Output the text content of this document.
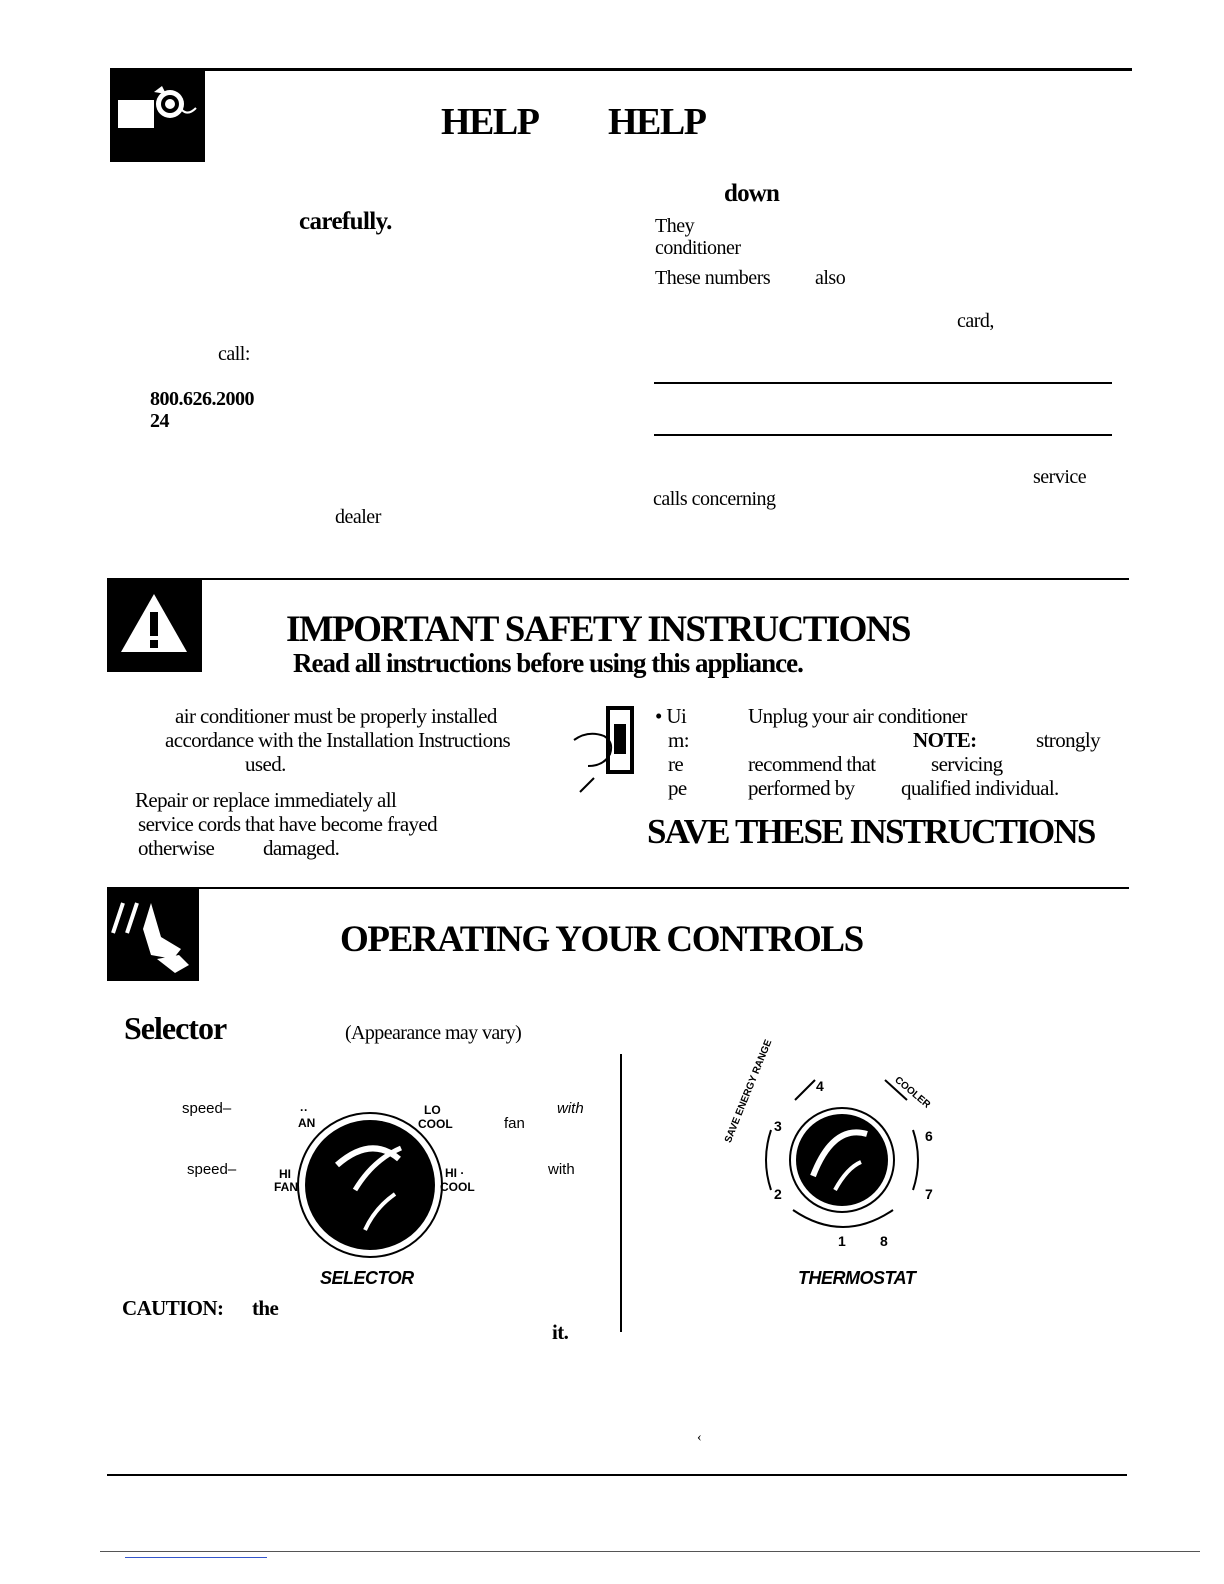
HELP HELP
carefully.
call:
800.626.2000
24
dealer
down
They
conditioner
These numbers also
card,
service
calls concerning
IMPORTANT SAFETY INSTRUCTIONS
Read all instructions before using this appliance.
air conditioner must be properly installed
accordance with the Installation Instructions
used.
Repair or replace immediately all
service cords that have become frayed
otherwise damaged.
• Ui
m:
re
pe
Unplug your air conditioner
recommend that
performed by
NOTE:	strongly
servicing
qualified individual.
SAVE THESE INSTRUCTIONS
OPERATING YOUR CONTROLS
Selector	(Appearance may vary)
speed–
speed–
with
fan
with
··
AN
LO
COOL
HI
FAN
HI ·
COOL
SELECTOR
CAUTION: the
it.
SAVE ENERGY RANGE	COOLER
1
2
3
4
6
7
8
THERMOSTAT
‹
